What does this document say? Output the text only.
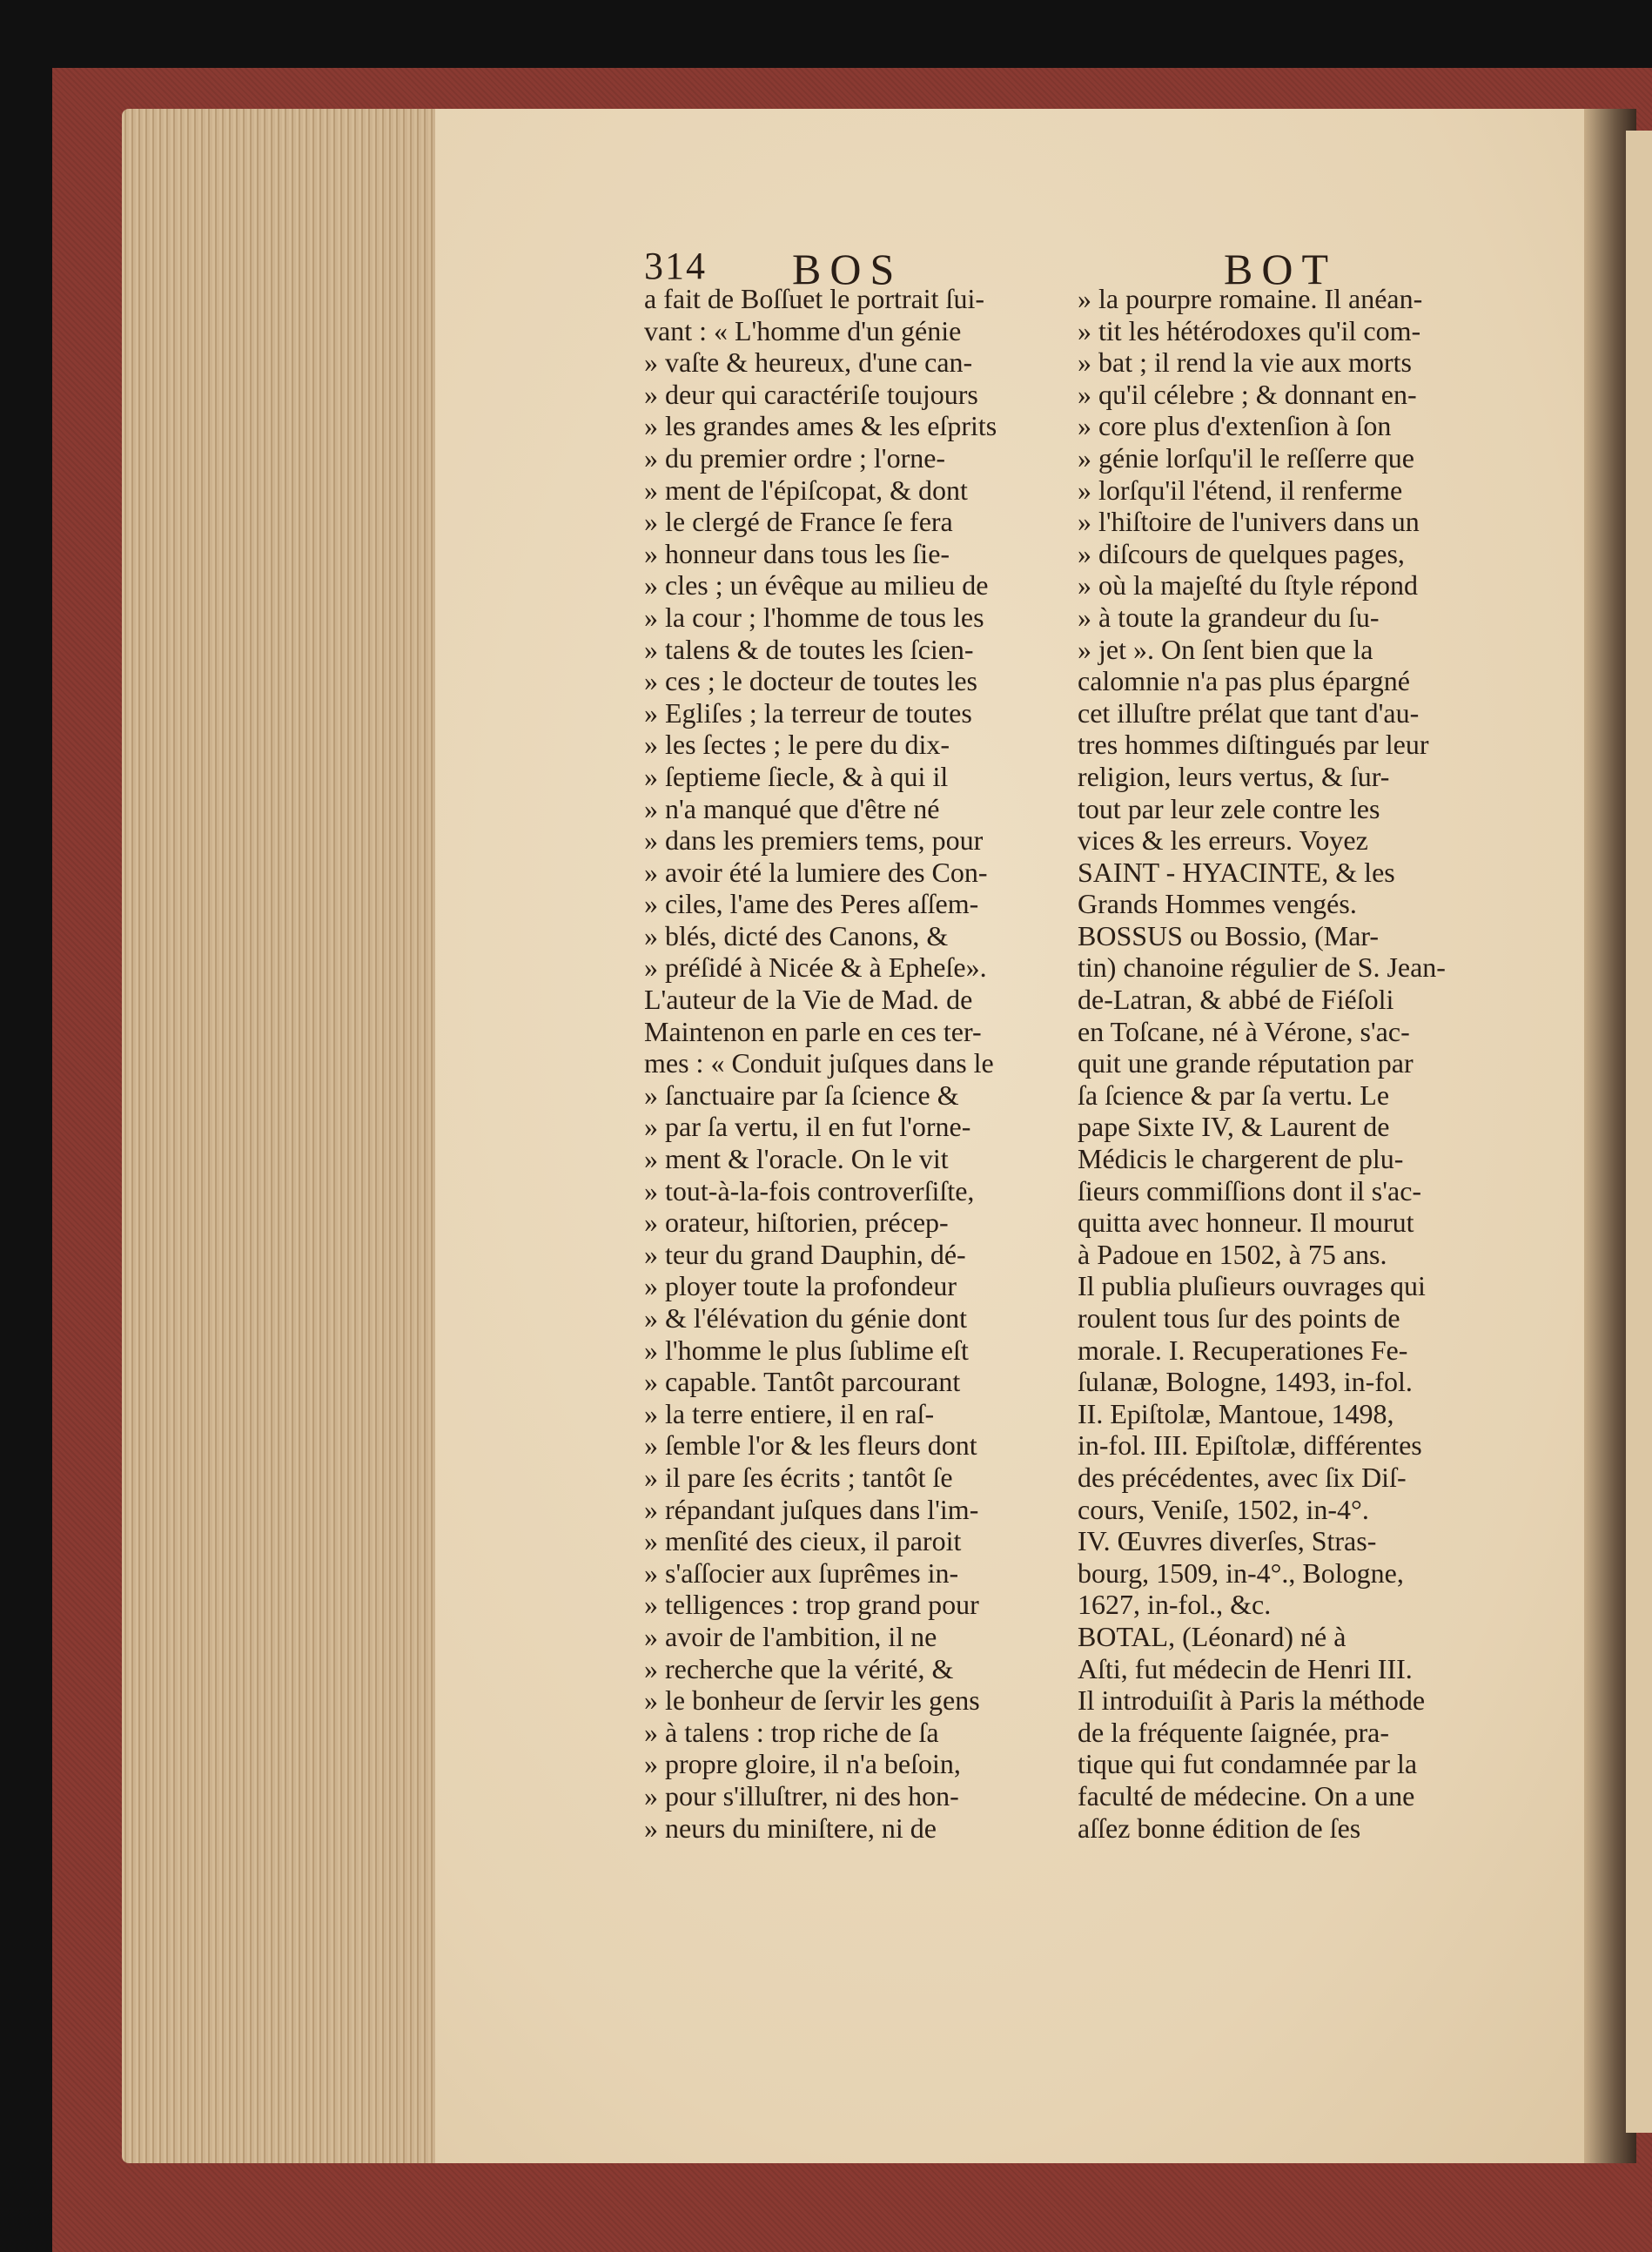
314 BOS	BOT
a fait de Boſſuet le portrait ſui-
vant : « L'homme d'un génie
» vaſte & heureux, d'une can-
» deur qui caractériſe toujours
» les grandes ames & les eſprits
» du premier ordre ; l'orne-
» ment de l'épiſcopat, & dont
» le clergé de France ſe fera
» honneur dans tous les ſie-
» cles ; un évêque au milieu de
» la cour ; l'homme de tous les
» talens & de toutes les ſcien-
» ces ; le docteur de toutes les
» Egliſes ; la terreur de toutes
» les ſectes ; le pere du dix-
» ſeptieme ſiecle, & à qui il
» n'a manqué que d'être né
» dans les premiers tems, pour
» avoir été la lumiere des Con-
» ciles, l'ame des Peres aſſem-
» blés, dicté des Canons, &
» préſidé à Nicée & à Epheſe».
L'auteur de la Vie de Mad. de
Maintenon en parle en ces ter-
mes : « Conduit juſques dans le
» ſanctuaire par ſa ſcience &
» par ſa vertu, il en fut l'orne-
» ment & l'oracle. On le vit
» tout-à-la-fois controverſiſte,
» orateur, hiſtorien, précep-
» teur du grand Dauphin, dé-
» ployer toute la profondeur
» & l'élévation du génie dont
» l'homme le plus ſublime eſt
» capable. Tantôt parcourant
» la terre entiere, il en raſ-
» ſemble l'or & les fleurs dont
» il pare ſes écrits ; tantôt ſe
» répandant juſques dans l'im-
» menſité des cieux, il paroit
» s'aſſocier aux ſuprêmes in-
» telligences : trop grand pour
» avoir de l'ambition, il ne
» recherche que la vérité, &
» le bonheur de ſervir les gens
» à talens : trop riche de ſa
» propre gloire, il n'a beſoin,
» pour s'illuſtrer, ni des hon-
» neurs du miniſtere, ni de
» la pourpre romaine. Il anéan-
» tit les hétérodoxes qu'il com-
» bat ; il rend la vie aux morts
» qu'il célebre ; & donnant en-
» core plus d'extenſion à ſon
» génie lorſqu'il le reſſerre que
» lorſqu'il l'étend, il renferme
» l'hiſtoire de l'univers dans un
» diſcours de quelques pages,
» où la majeſté du ſtyle répond
» à toute la grandeur du ſu-
» jet ». On ſent bien que la
calomnie n'a pas plus épargné
cet illuſtre prélat que tant d'au-
tres hommes diſtingués par leur
religion, leurs vertus, & ſur-
tout par leur zele contre les
vices & les erreurs. Voyez
SAINT - HYACINTE, & les
Grands Hommes vengés.
BOSSUS ou Bossio, (Mar-
tin) chanoine régulier de S. Jean-
de-Latran, & abbé de Fiéſoli
en Toſcane, né à Vérone, s'ac-
quit une grande réputation par
ſa ſcience & par ſa vertu. Le
pape Sixte IV, & Laurent de
Médicis le chargerent de plu-
ſieurs commiſſions dont il s'ac-
quitta avec honneur. Il mourut
à Padoue en 1502, à 75 ans.
Il publia pluſieurs ouvrages qui
roulent tous ſur des points de
morale. I. Recuperationes Fe-
ſulanæ, Bologne, 1493, in-fol.
II. Epiſtolæ, Mantoue, 1498,
in-fol. III. Epiſtolæ, différentes
des précédentes, avec ſix Diſ-
cours, Veniſe, 1502, in-4°.
IV. Œuvres diverſes, Stras-
bourg, 1509, in-4°., Bologne,
1627, in-fol., &c.
BOTAL, (Léonard) né à
Aſti, fut médecin de Henri III.
Il introduiſit à Paris la méthode
de la fréquente ſaignée, pra-
tique qui fut condamnée par la
faculté de médecine. On a une
aſſez bonne édition de ſes
